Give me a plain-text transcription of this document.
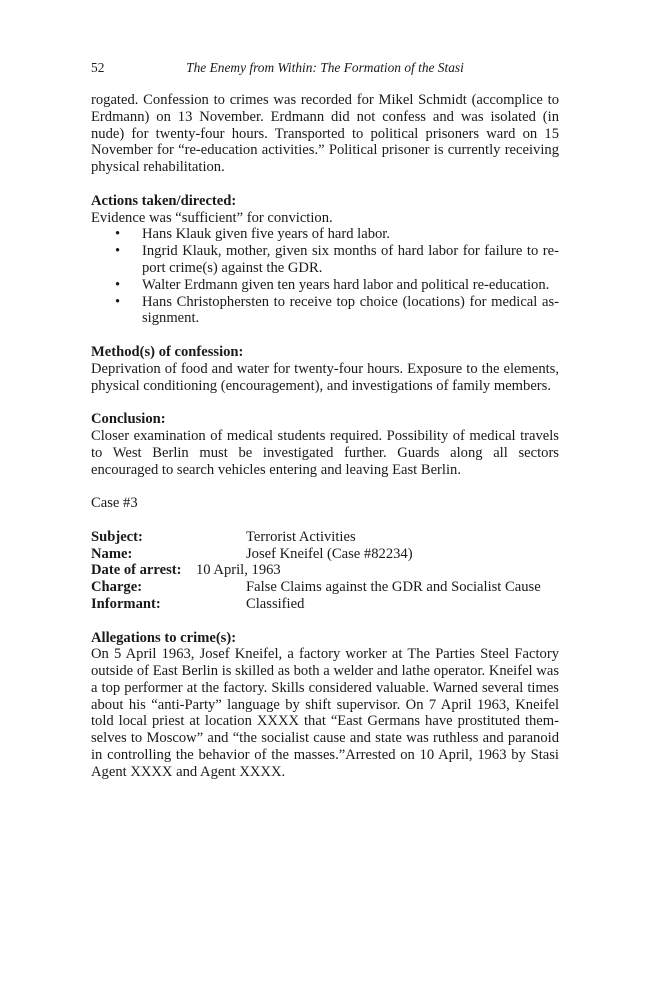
52	The Enemy from Within: The Formation of the Stasi

rogated. Confession to crimes was recorded for Mikel Schmidt (accomplice to Erdmann) on 13 November. Erdmann did not confess and was isolated (in nude) for twenty-four hours. Transported to political prisoners ward on 15 November for “re-education activities.” Political prisoner is currently receiving physical rehabilitation.

Actions taken/directed:

Evidence was “sufficient” for conviction.

• Hans Klauk given five years of hard labor.
• Ingrid Klauk, mother, given six months of hard labor for failure to re-port crime(s) against the GDR.
• Walter Erdmann given ten years hard labor and political re-education.
• Hans Christophersten to receive top choice (locations) for medical as-signment.

Method(s) of confession:

Deprivation of food and water for twenty-four hours. Exposure to the elements, physical conditioning (encouragement), and investigations of family members.

Conclusion:

Closer examination of medical students required. Possibility of medical travels to West Berlin must be investigated further. Guards along all sectors encouraged to search vehicles entering and leaving East Berlin.

Case #3

Subject:	Terrorist Activities
Name:	Josef Kneifel (Case #82234)
Date of arrest: 10 April, 1963
Charge:	False Claims against the GDR and Socialist Cause
Informant:	Classified

Allegations to crime(s):

On 5 April 1963, Josef Kneifel, a factory worker at The Parties Steel Factory outside of East Berlin is skilled as both a welder and lathe operator. Kneifel was a top performer at the factory. Skills considered valuable. Warned several times about his “anti-Party” language by shift supervisor. On 7 April 1963, Kneifel told local priest at location XXXX that “East Germans have prostituted them-selves to Moscow” and “the socialist cause and state was ruthless and paranoid in controlling the behavior of the masses.”Arrested on 10 April, 1963 by Stasi Agent XXXX and Agent XXXX.
